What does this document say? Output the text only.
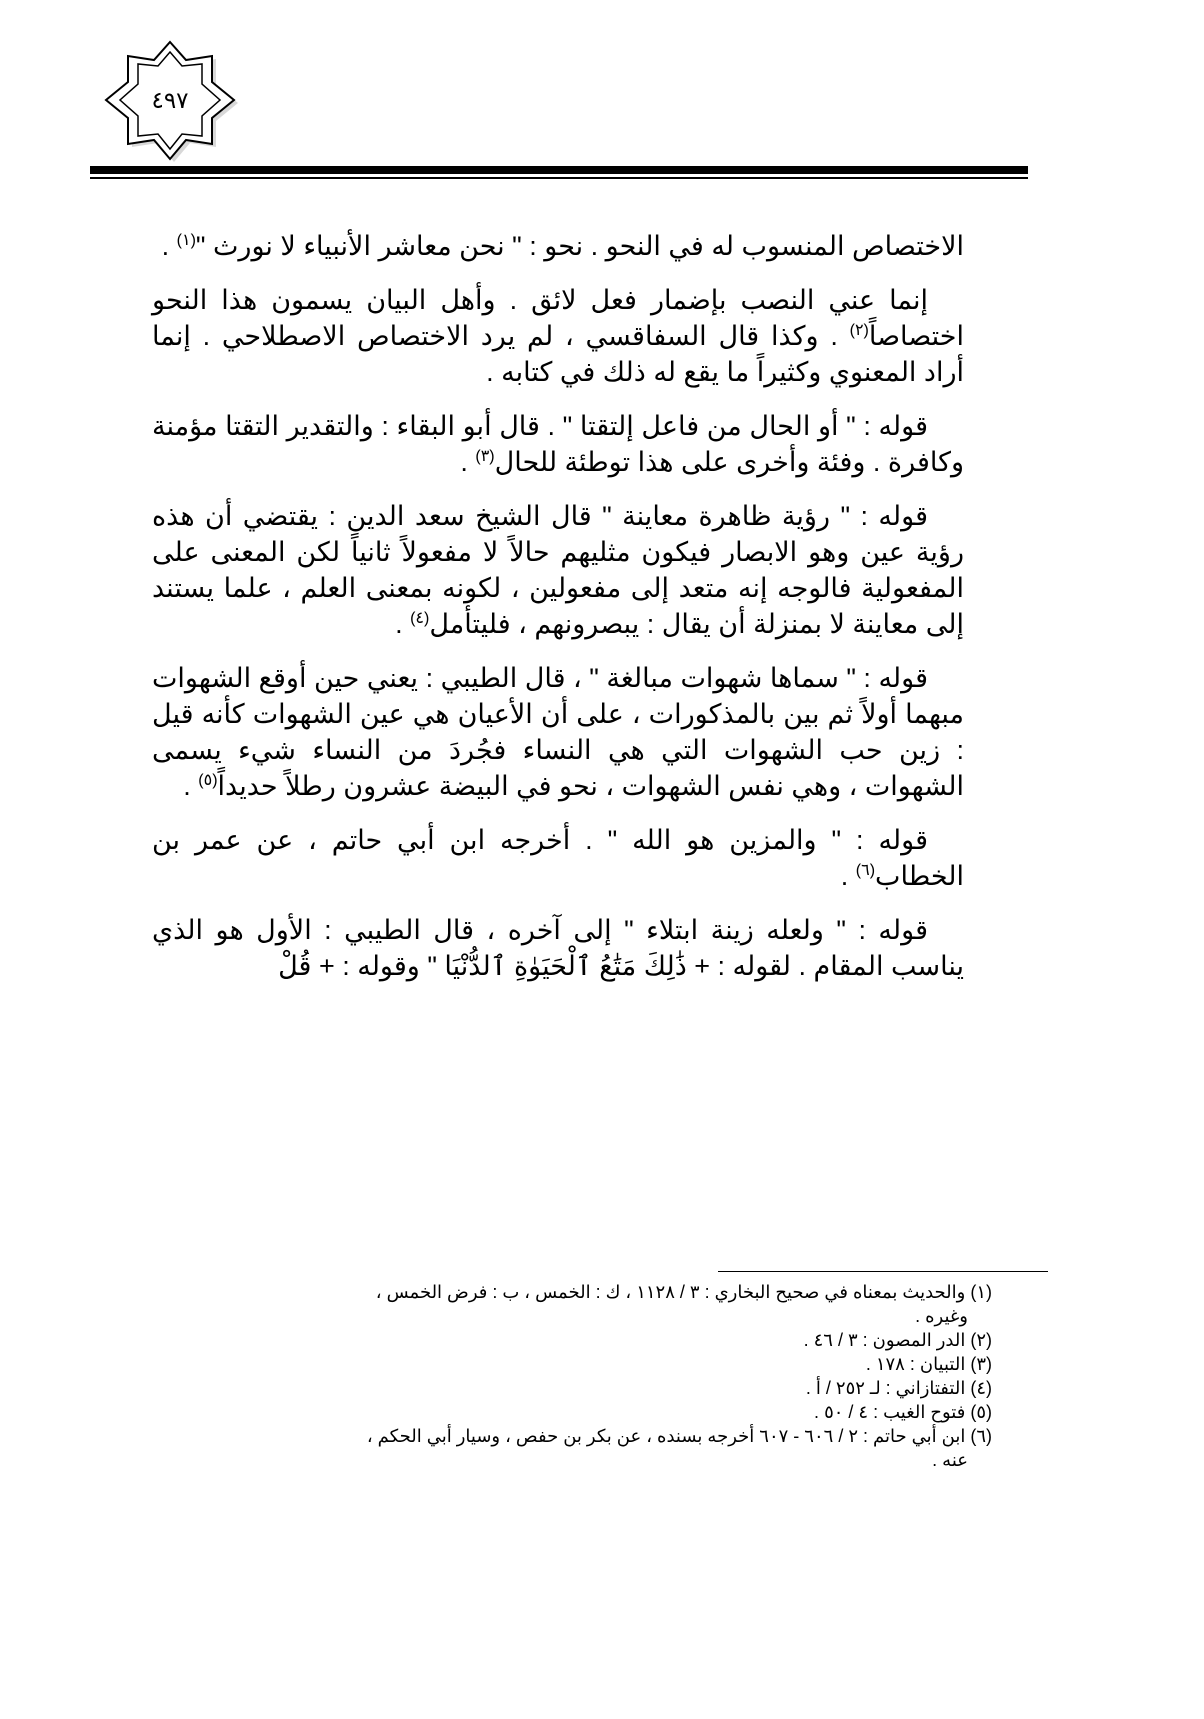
٤٩٧

الاختصاص المنسوب له في النحو . نحو : " نحن معاشر الأنبياء لا نورث "$^{(١)}$ .

إنما عني النصب بإضمار فعل لائق . وأهل البيان يسمون هذا النحو اختصاصاً$^{(٢)}$ . وكذا قال السفاقسي ، لم يرد الاختصاص الاصطلاحي . إنما أراد المعنوي وكثيراً ما يقع له ذلك في كتابه .

قوله : " أو الحال من فاعل إلتقتا " . قال أبو البقاء : والتقدير التقتا مؤمنة وكافرة . وفئة وأخرى على هذا توطئة للحال$^{(٣)}$ .

قوله : " رؤية ظاهرة معاينة " قال الشيخ سعد الدين : يقتضي أن هذه رؤية عين وهو الابصار فيكون مثليهم حالاً لا مفعولاً ثانياً لكن المعنى على المفعولية فالوجه إنه متعد إلى مفعولين ، لكونه بمعنى العلم ، علما يستند إلى معاينة لا بمنزلة أن يقال : يبصرونهم ، فليتأمل$^{(٤)}$ .

قوله : " سماها شهوات مبالغة " ، قال الطيبي : يعني حين أوقع الشهوات مبهما أولاً ثم بين بالمذكورات ، على أن الأعيان هي عين الشهوات كأنه قيل : زين حب الشهوات التي هي النساء فجُردَ من النساء شيء يسمى الشهوات ، وهي نفس الشهوات ، نحو في البيضة عشرون رطلاً حديداً$^{(٥)}$ .

قوله : " والمزين هو الله " . أخرجه ابن أبي حاتم ، عن عمر بن الخطاب$^{(٦)}$ .

قوله : " ولعله زينة ابتلاء " إلى آخره ، قال الطيبي : الأول هو الذي يناسب المقام . لقوله : + ذَٰلِكَ مَتَٰعُ ٱلْحَيَوٰةِ ٱلدُّنْيَا " وقوله : + قُلْ

(١) والحديث بمعناه في صحيح البخاري : ٣ / ١١٢٨ ، ك : الخمس ، ب : فرض الخمس ،

وغيره .

(٢) الدر المصون : ٣ / ٤٦ .

(٣) التبيان : ١٧٨ .

(٤) التفتازاني : لـ ٢٥٢ / أ .

(٥) فتوح الغيب : ٤ / ٥٠ .

(٦) ابن أبي حاتم : ٢ / ٦٠٦ - ٦٠٧ أخرجه بسنده ، عن بكر بن حفص ، وسيار أبي الحكم ،

عنه .
